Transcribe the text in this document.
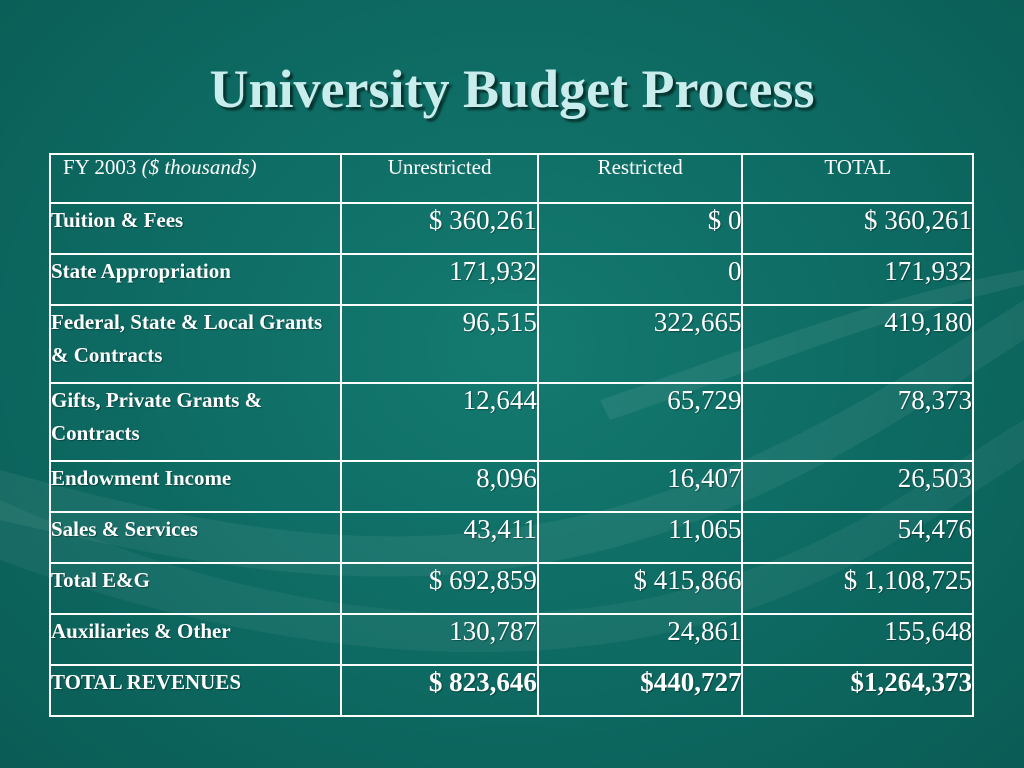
University Budget Process
FY 2003 ($ thousands)	Unrestricted	Restricted	TOTAL
Tuition & Fees	$ 360,261	$ 0	$ 360,261
State Appropriation	171,932	0	171,932
Federal, State & Local Grants & Contracts	96,515	322,665	419,180
Gifts, Private Grants & Contracts	12,644	65,729	78,373
Endowment Income	8,096	16,407	26,503
Sales & Services	43,411	11,065	54,476
Total E&G	$ 692,859	$ 415,866	$ 1,108,725
Auxiliaries & Other	130,787	24,861	155,648
TOTAL REVENUES	$ 823,646	$440,727	$1,264,373
